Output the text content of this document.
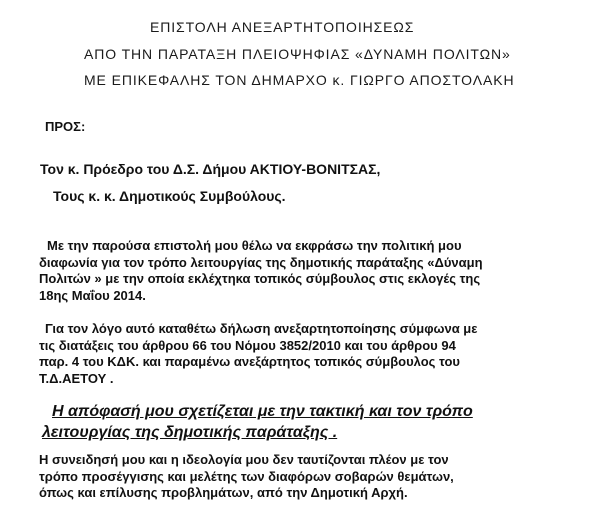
ΕΠΙΣΤΟΛΗ ΑΝΕΞΑΡΤΗΤΟΠΟΙΗΣΕΩΣ
ΑΠΟ ΤΗΝ ΠΑΡΑΤΑΞΗ ΠΛΕΙΟΨΗΦΙΑΣ «ΔΥΝΑΜΗ ΠΟΛΙΤΩΝ»
ΜΕ ΕΠΙΚΕΦΑΛΗΣ ΤΟΝ ΔΗΜΑΡΧΟ κ. ΓΙΩΡΓΟ ΑΠΟΣΤΟΛΑΚΗ
ΠΡΟΣ:
Τον κ. Πρόεδρο του Δ.Σ. Δήμου ΑΚΤΙΟΥ-ΒΟΝΙΤΣΑΣ,
Τους κ. κ. Δημοτικούς Συμβούλους.
Με την παρούσα επιστολή μου θέλω να εκφράσω την πολιτική μου
διαφωνία για τον τρόπο λειτουργίας της δημοτικής παράταξης «Δύναμη
Πολιτών » με την οποία εκλέχτηκα τοπικός σύμβουλος στις εκλογές της
18ης Μαΐου 2014.
Για τον λόγο αυτό καταθέτω δήλωση ανεξαρτητοποίησης σύμφωνα με
τις διατάξεις του άρθρου 66 του Νόμου 3852/2010 και του άρθρου 94
παρ. 4 του ΚΔΚ. και παραμένω ανεξάρτητος τοπικός σύμβουλος του
Τ.Δ.ΑΕΤΟΥ .
Η απόφασή μου σχετίζεται με την τακτική και τον τρόπο
λειτουργίας της δημοτικής παράταξης .
Η συνειδησή μου και η ιδεολογία μου δεν ταυτίζονται πλέον με τον
τρόπο προσέγγισης και μελέτης των διαφόρων σοβαρών θεμάτων,
όπως και επίλυσης προβλημάτων, από την Δημοτική Αρχή.
